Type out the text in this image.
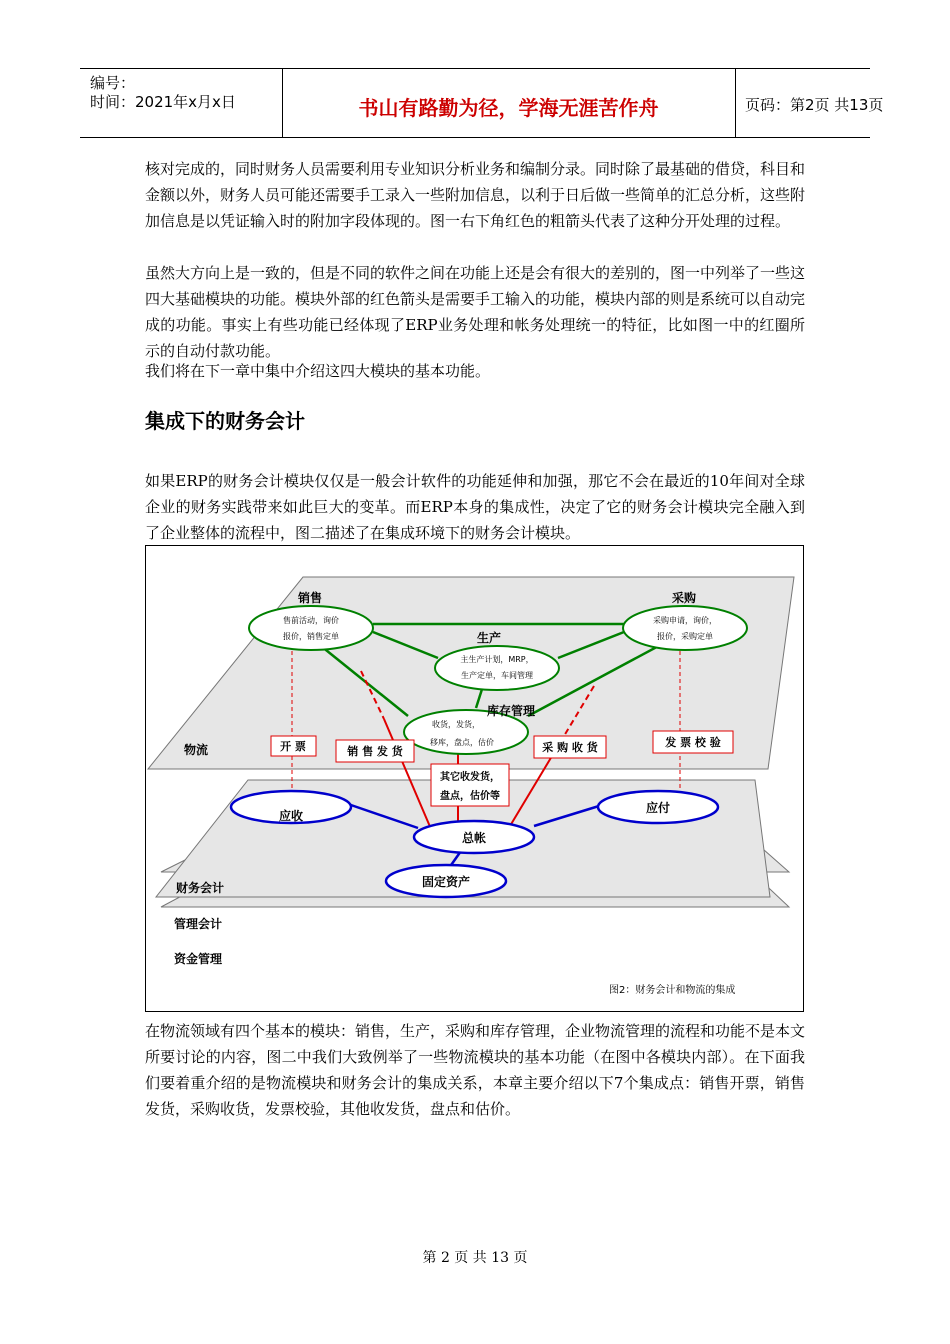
编号：
时间：2021年x月x日	书山有路勤为径，学海无涯苦作舟	页码：第2页 共13页
核对完成的，同时财务人员需要利用专业知识分析业务和编制分录。同时除了最基础的借贷，科目和金额以外，财务人员可能还需要手工录入一些附加信息，以利于日后做一些简单的汇总分析，这些附加信息是以凭证输入时的附加字段体现的。图一右下角红色的粗箭头代表了这种分开处理的过程。
虽然大方向上是一致的，但是不同的软件之间在功能上还是会有很大的差别的，图一中列举了一些这四大基础模块的功能。模块外部的红色箭头是需要手工输入的功能，模块内部的则是系统可以自动完成的功能。事实上有些功能已经体现了ERP业务处理和帐务处理统一的特征，比如图一中的红圈所示的自动付款功能。
我们将在下一章中集中介绍这四大模块的基本功能。
集成下的财务会计
如果ERP的财务会计模块仅仅是一般会计软件的功能延伸和加强，那它不会在最近的10年间对全球企业的财务实践带来如此巨大的变革。而ERP本身的集成性，决定了它的财务会计模块完全融入到了企业整体的流程中，图二描述了在集成环境下的财务会计模块。
物流
财务会计
管理会计
资金管理
销售
售前活动，询价
报价，销售定单
采购
采购申请，询价，
报价，采购定单
生产
主生产计划，MRP，
生产定单，车间管理
库存管理
收货，发货，
移库，盘点，估价
开 票	销 售 发 货	采 购 收 货	发 票 校 验
其它收发货，
盘点，估价等
应收
应付
总帐
固定资产
图2：财务会计和物流的集成
在物流领域有四个基本的模块：销售，生产，采购和库存管理，企业物流管理的流程和功能不是本文所要讨论的内容，图二中我们大致例举了一些物流模块的基本功能（在图中各模块内部）。在下面我们要着重介绍的是物流模块和财务会计的集成关系，本章主要介绍以下7个集成点：销售开票，销售发货，采购收货，发票校验，其他收发货，盘点和估价。
第 2 页 共 13 页
